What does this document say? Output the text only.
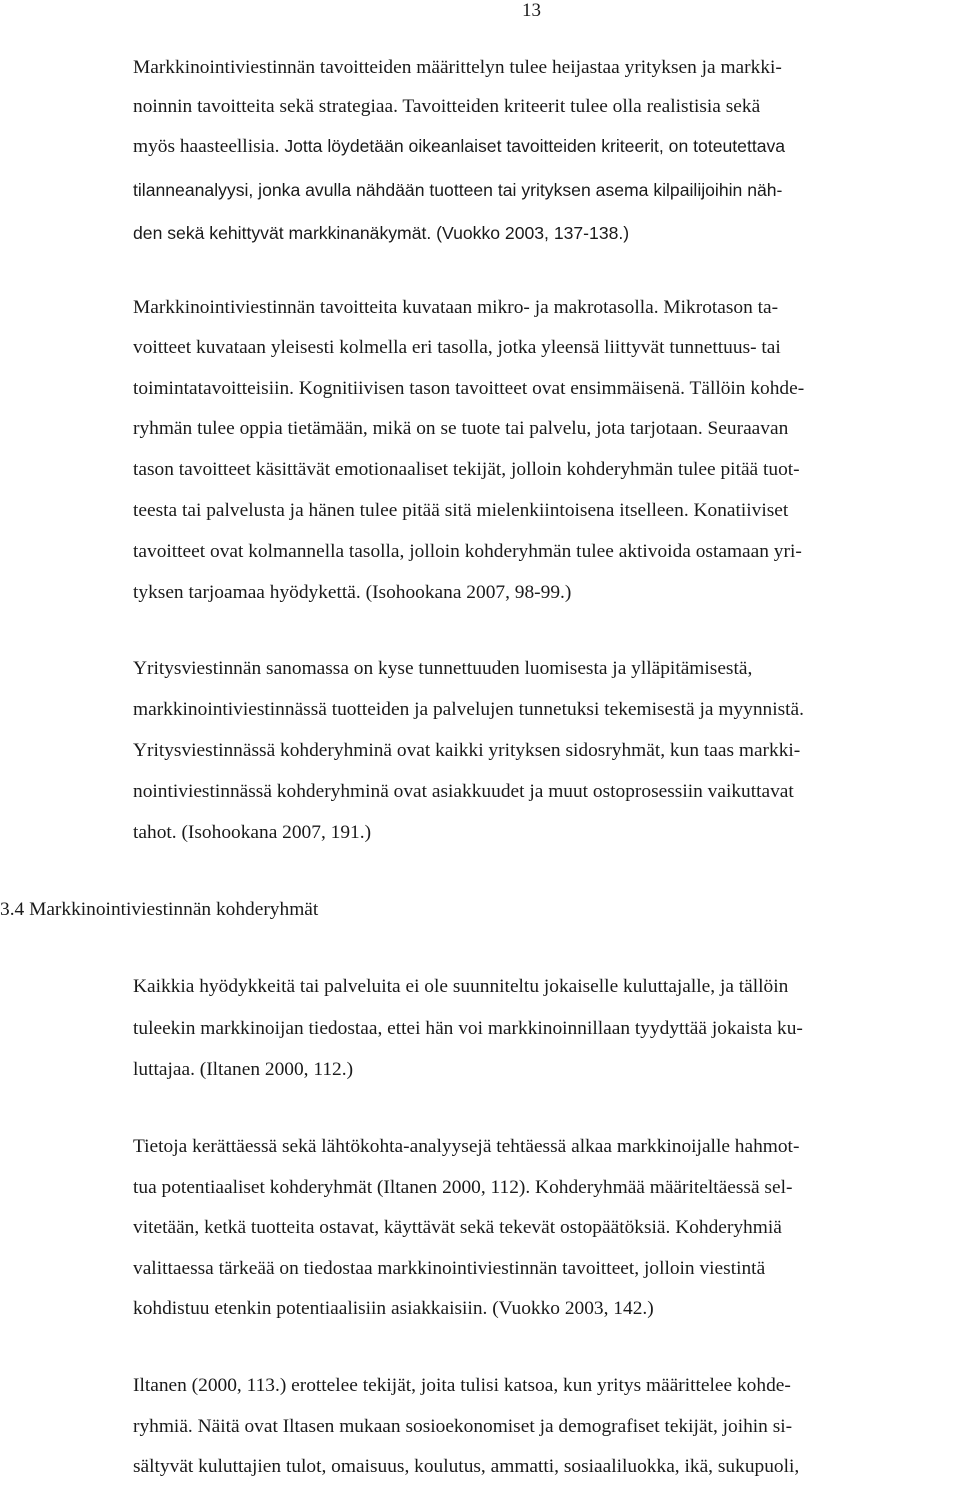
13
Markkinointiviestinnän tavoitteiden määrittelyn tulee heijastaa yrityksen ja markki-
noinnin tavoitteita sekä strategiaa. Tavoitteiden kriteerit tulee olla realistisia sekä
myös haasteellisia. Jotta löydetään oikeanlaiset tavoitteiden kriteerit, on toteutettava
tilanneanalyysi, jonka avulla nähdään tuotteen tai yrityksen asema kilpailijoihin näh-
den sekä kehittyvät markkinanäkymät. (Vuokko 2003, 137-138.)
Markkinointiviestinnän tavoitteita kuvataan mikro- ja makrotasolla. Mikrotason ta-
voitteet kuvataan yleisesti kolmella eri tasolla, jotka yleensä liittyvät tunnettuus- tai
toimintatavoitteisiin. Kognitiivisen tason tavoitteet ovat ensimmäisenä. Tällöin kohde-
ryhmän tulee oppia tietämään, mikä on se tuote tai palvelu, jota tarjotaan. Seuraavan
tason tavoitteet käsittävät emotionaaliset tekijät, jolloin kohderyhmän tulee pitää tuot-
teesta tai palvelusta ja hänen tulee pitää sitä mielenkiintoisena itselleen. Konatiiviset
tavoitteet ovat kolmannella tasolla, jolloin kohderyhmän tulee aktivoida ostamaan yri-
tyksen tarjoamaa hyödykettä. (Isohookana 2007, 98-99.)
Yritysviestinnän sanomassa on kyse tunnettuuden luomisesta ja ylläpitämisestä,
markkinointiviestinnässä tuotteiden ja palvelujen tunnetuksi tekemisestä ja myynnistä.
Yritysviestinnässä kohderyhminä ovat kaikki yrityksen sidosryhmät, kun taas markki-
nointiviestinnässä kohderyhminä ovat asiakkuudet ja muut ostoprosessiin vaikuttavat
tahot. (Isohookana 2007, 191.)
3.4 Markkinointiviestinnän kohderyhmät
Kaikkia hyödykkeitä tai palveluita ei ole suunniteltu jokaiselle kuluttajalle, ja tällöin
tuleekin markkinoijan tiedostaa, ettei hän voi markkinoinnillaan tyydyttää jokaista ku-
luttajaa. (Iltanen 2000, 112.)
Tietoja kerättäessä sekä lähtökohta-analyysejä tehtäessä alkaa markkinoijalle hahmot-
tua potentiaaliset kohderyhmät (Iltanen 2000, 112). Kohderyhmää määriteltäessä sel-
vitetään, ketkä tuotteita ostavat, käyttävät sekä tekevät ostopäätöksiä. Kohderyhmiä
valittaessa tärkeää on tiedostaa markkinointiviestinnän tavoitteet, jolloin viestintä
kohdistuu etenkin potentiaalisiin asiakkaisiin. (Vuokko 2003, 142.)
Iltanen (2000, 113.) erottelee tekijät, joita tulisi katsoa, kun yritys määrittelee kohde-
ryhmiä. Näitä ovat Iltasen mukaan sosioekonomiset ja demografiset tekijät, joihin si-
sältyvät kuluttajien tulot, omaisuus, koulutus, ammatti, sosiaaliluokka, ikä, sukupuoli,
